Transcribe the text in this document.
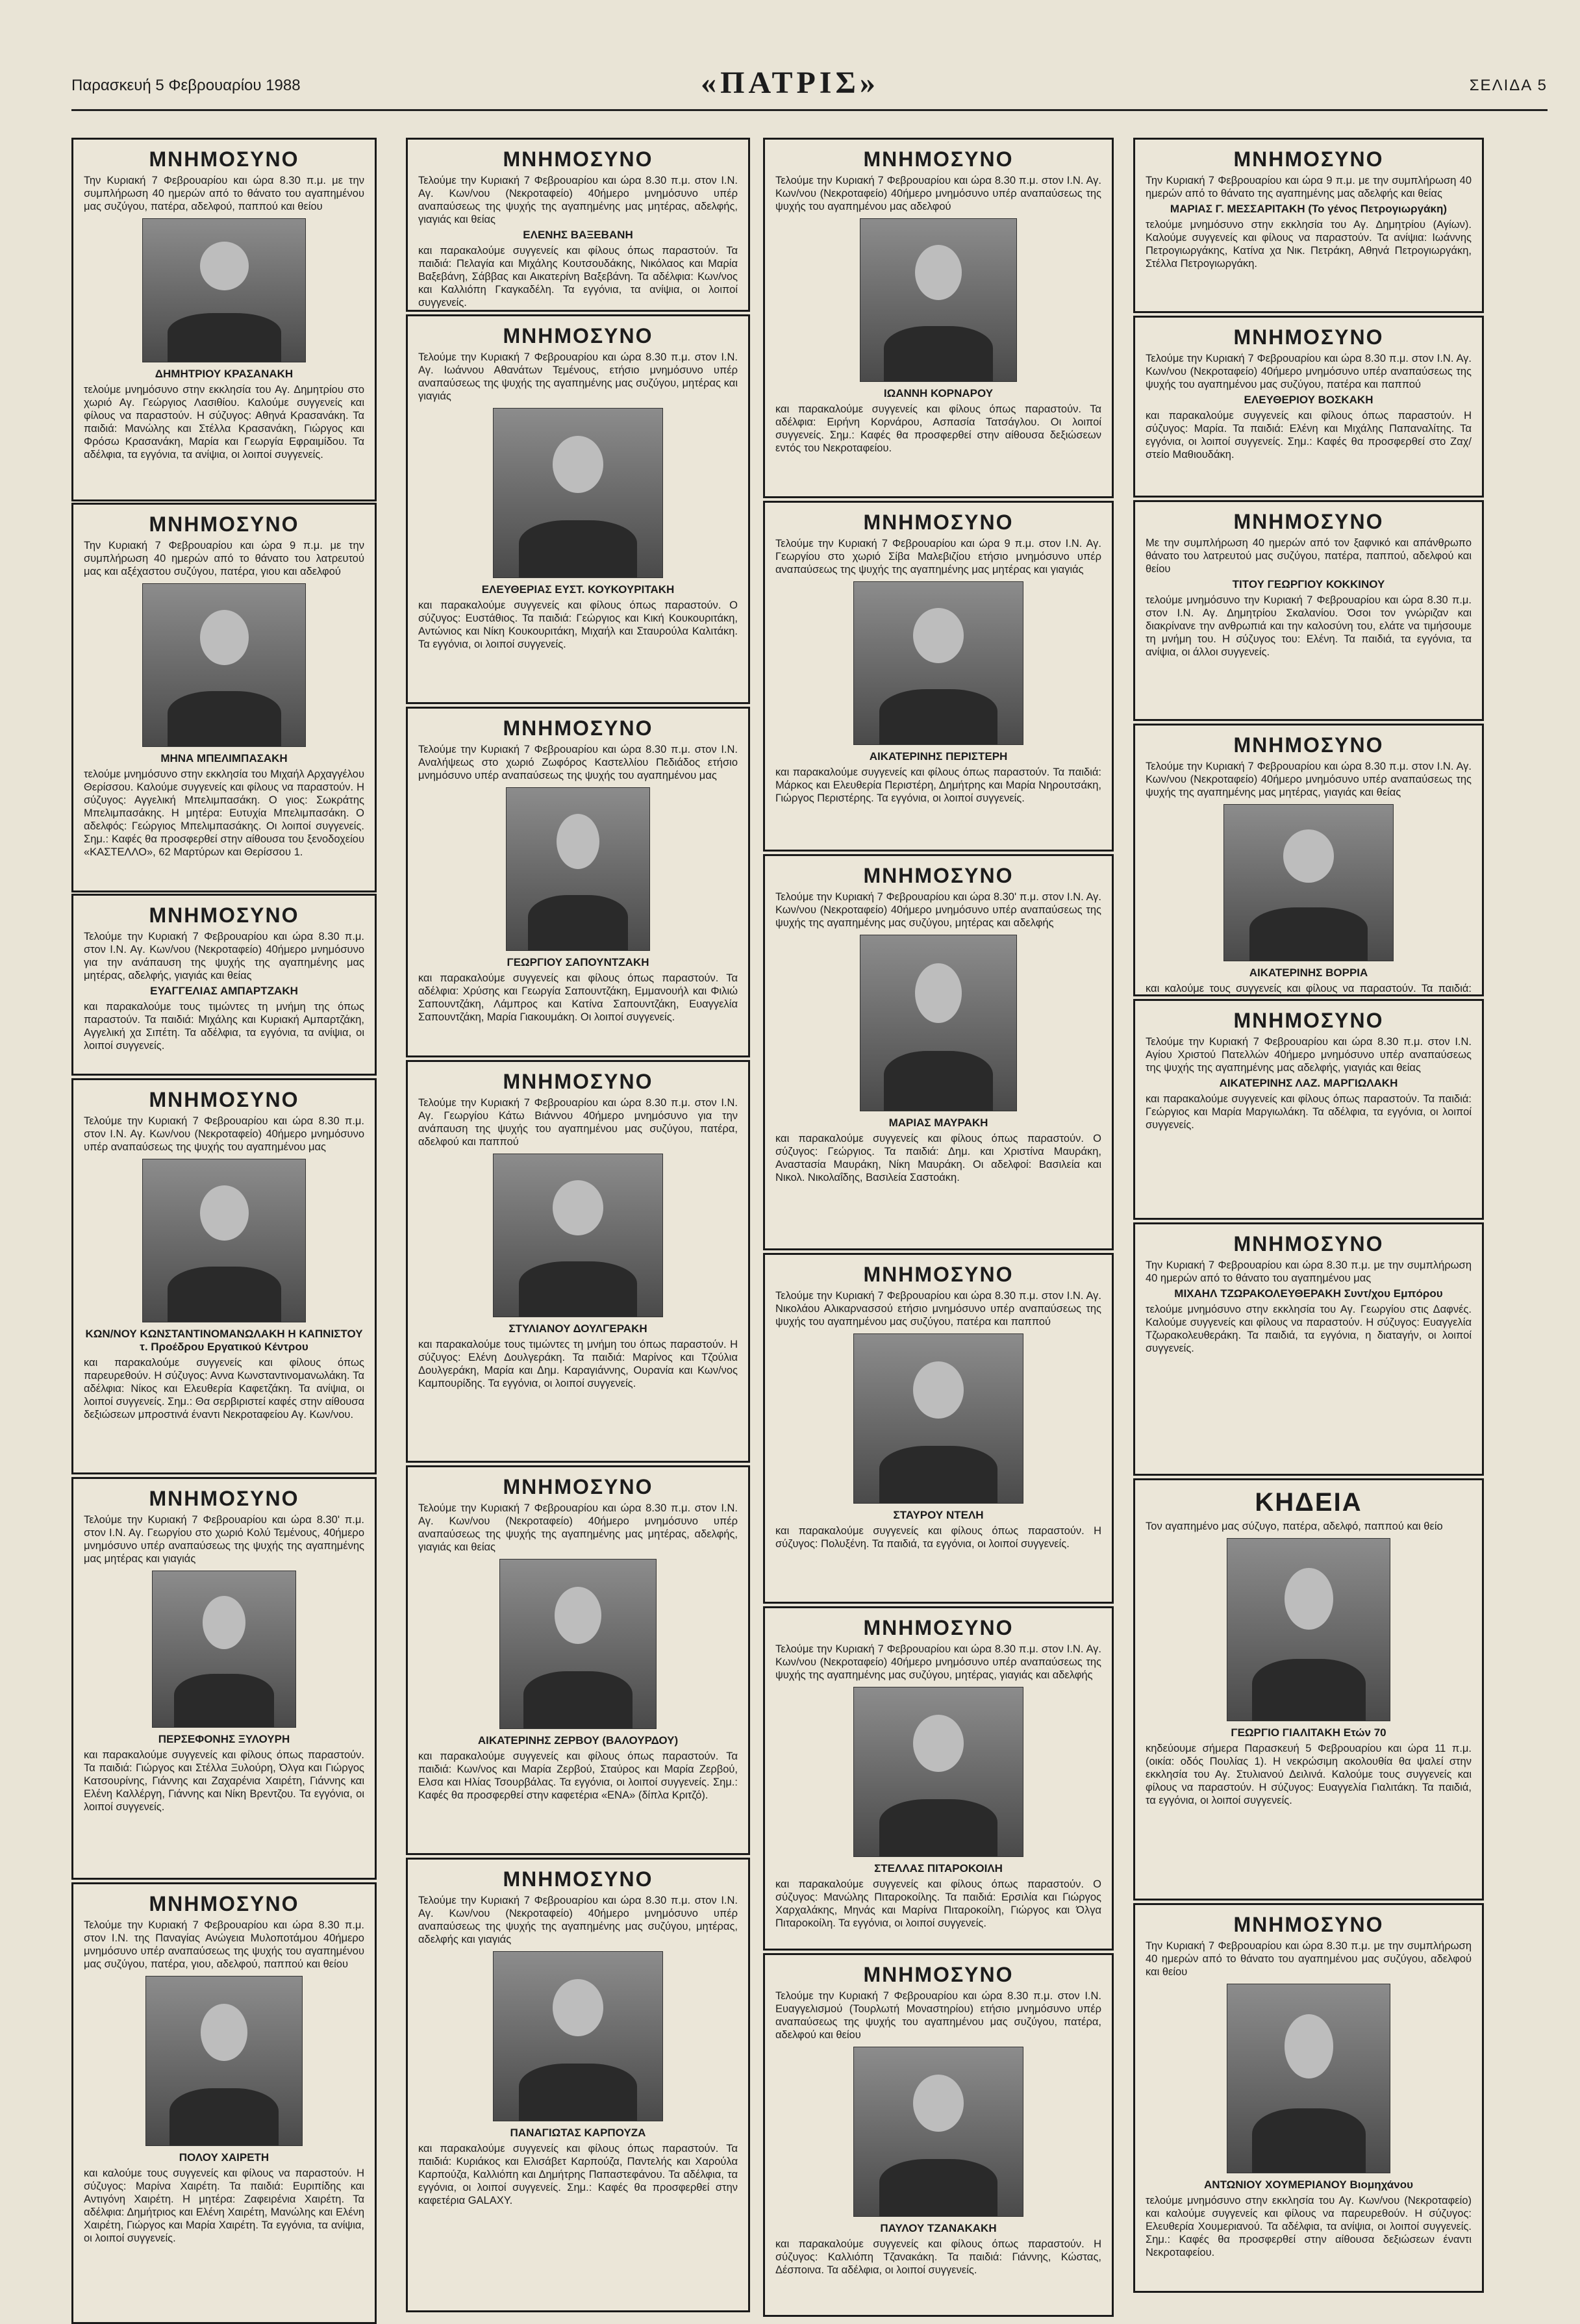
Παρασκευή 5 Φεβρουαρίου 1988	«ΠΑΤΡΙΣ»	ΣΕΛΙΔΑ 5
ΜΝΗΜΟΣΥΝΟ

Την Κυριακή 7 Φεβρουαρίου και ώρα 8.30 π.μ. με την συμπλήρωση 40 ημερών από το θάνατο του αγαπημένου μας συζύγου, πατέρα, αδελφού, παππού και θείου

ΔΗΜΗΤΡΙΟΥ ΚΡΑΣΑΝΑΚΗ

τελούμε μνημόσυνο στην εκκλησία του Αγ. Δημητρίου στο χωριό Αγ. Γεώργιος Λασιθίου. Καλούμε συγγενείς και φίλους να παραστούν. Η σύζυγος: Αθηνά Κρασανάκη. Τα παιδιά: Μανώλης και Στέλλα Κρασανάκη, Γιώργος και Φρόσω Κρασανάκη, Μαρία και Γεωργία Εφραιμίδου. Τα αδέλφια, τα εγγόνια, τα ανίψια, οι λοιποί συγγενείς.

ΜΝΗΜΟΣΥΝΟ

Την Κυριακή 7 Φεβρουαρίου και ώρα 9 π.μ. με την συμπλήρωση 40 ημερών από το θάνατο του λατρευτού μας και αξέχαστου συζύγου, πατέρα, γιου και αδελφού

ΜΗΝΑ ΜΠΕΛΙΜΠΑΣΑΚΗ

τελούμε μνημόσυνο στην εκκλησία του Μιχαήλ Αρχαγγέλου Θερίσσου. Καλούμε συγγενείς και φίλους να παραστούν. Η σύζυγος: Αγγελική Μπελιμπασάκη. Ο γιος: Σωκράτης Μπελιμπασάκης. Η μητέρα: Ευτυχία Μπελιμπασάκη. Ο αδελφός: Γεώργιος Μπελιμπασάκης. Οι λοιποί συγγενείς. Σημ.: Καφές θα προσφερθεί στην αίθουσα του ξενοδοχείου «ΚΑΣΤΕΛΛΟ», 62 Μαρτύρων και Θερίσσου 1.

ΜΝΗΜΟΣΥΝΟ

Τελούμε την Κυριακή 7 Φεβρουαρίου και ώρα 8.30 π.μ. στον Ι.Ν. Αγ. Κων/νου (Νεκροταφείο) 40ήμερο μνημόσυνο για την ανάπαυση της ψυχής της αγαπημένης μας μητέρας, αδελφής, γιαγιάς και θείας

ΕΥΑΓΓΕΛΙΑΣ ΑΜΠΑΡΤΖΑΚΗ

και παρακαλούμε τους τιμώντες τη μνήμη της όπως παραστούν. Τα παιδιά: Μιχάλης και Κυριακή Αμπαρτζάκη, Αγγελική χα Σιπέτη. Τα αδέλφια, τα εγγόνια, τα ανίψια, οι λοιποί συγγενείς.

ΜΝΗΜΟΣΥΝΟ

Τελούμε την Κυριακή 7 Φεβρουαρίου και ώρα 8.30 π.μ. στον Ι.Ν. Αγ. Κων/νου (Νεκροταφείο) 40ήμερο μνημόσυνο υπέρ αναπαύσεως της ψυχής του αγαπημένου μας

ΚΩΝ/ΝΟΥ ΚΩΝΣΤΑΝΤΙΝΟΜΑΝΩΛΑΚΗ Η ΚΑΠΝΙΣΤΟΥ τ. Προέδρου Εργατικού Κέντρου

και παρακαλούμε συγγενείς και φίλους όπως παρευρεθούν. Η σύζυγος: Αννα Κωνσταντινομανωλάκη. Τα αδέλφια: Νίκος και Ελευθερία Καφετζάκη. Τα ανίψια, οι λοιποί συγγενείς. Σημ.: Θα σερβιριστεί καφές στην αίθουσα δεξιώσεων μπροστινά έναντι Νεκροταφείου Αγ. Κων/νου.

ΜΝΗΜΟΣΥΝΟ

Τελούμε την Κυριακή 7 Φεβρουαρίου και ώρα 8.30' π.μ. στον Ι.Ν. Αγ. Γεωργίου στο χωριό Κολύ Τεμένους, 40ήμερο μνημόσυνο υπέρ αναπαύσεως της ψυχής της αγαπημένης μας μητέρας και γιαγιάς

ΠΕΡΣΕΦΟΝΗΣ ΞΥΛΟΥΡΗ

και παρακαλούμε συγγενείς και φίλους όπως παραστούν. Τα παιδιά: Γιώργος και Στέλλα Ξυλούρη, Όλγα και Γιώργος Κατσουρίνης, Γιάννης και Ζαχαρένια Χαιρέτη, Γιάννης και Ελένη Καλλέργη, Γιάννης και Νίκη Βρεντζου. Τα εγγόνια, οι λοιποί συγγενείς.

ΜΝΗΜΟΣΥΝΟ

Τελούμε την Κυριακή 7 Φεβρουαρίου και ώρα 8.30 π.μ. στον Ι.Ν. της Παναγίας Ανώγεια Μυλοποτάμου 40ήμερο μνημόσυνο υπέρ αναπαύσεως της ψυχής του αγαπημένου μας συζύγου, πατέρα, γιου, αδελφού, παππού και θείου

ΠΟΛΟΥ ΧΑΙΡΕΤΗ

και καλούμε τους συγγενείς και φίλους να παραστούν. Η σύζυγος: Μαρίνα Χαιρέτη. Τα παιδιά: Ευριπίδης και Αντιγόνη Χαιρέτη. Η μητέρα: Ζαφειρένια Χαιρέτη. Τα αδέλφια: Δημήτριος και Ελένη Χαιρέτη, Μανώλης και Ελένη Χαιρέτη, Γιώργος και Μαρία Χαιρέτη. Τα εγγόνια, τα ανίψια, οι λοιποί συγγενείς.

ΜΝΗΜΟΣΥΝΟ

Τελούμε την Κυριακή 7 Φεβρουαρίου και ώρα 8.30 π.μ. στον Ι.Ν. Αγ. Κων/νου (Νεκροταφείο) 40ήμερο μνημόσυνο υπέρ αναπαύσεως της ψυχής της αγαπημένης μας μητέρας, αδελφής, γιαγιάς και θείας

ΕΛΕΝΗΣ ΒΑΞΕΒΑΝΗ

και παρακαλούμε συγγενείς και φίλους όπως παραστούν. Τα παιδιά: Πελαγία και Μιχάλης Κουτσουδάκης, Νικόλαος και Μαρία Βαξεβάνη, Σάββας και Αικατερίνη Βαξεβάνη. Τα αδέλφια: Κων/νος και Καλλιόπη Γκαγκαδέλη. Τα εγγόνια, τα ανίψια, οι λοιποί συγγενείς.

ΜΝΗΜΟΣΥΝΟ

Τελούμε την Κυριακή 7 Φεβρουαρίου και ώρα 8.30 π.μ. στον Ι.Ν. Αγ. Ιωάννου Αθανάτων Τεμένους, ετήσιο μνημόσυνο υπέρ αναπαύσεως της ψυχής της αγαπημένης μας συζύγου, μητέρας και γιαγιάς

ΕΛΕΥΘΕΡΙΑΣ ΕΥΣΤ. ΚΟΥΚΟΥΡΙΤΑΚΗ

και παρακαλούμε συγγενείς και φίλους όπως παραστούν. Ο σύζυγος: Ευστάθιος. Τα παιδιά: Γεώργιος και Κική Κουκουριτάκη, Αντώνιος και Νίκη Κουκουριτάκη, Μιχαήλ και Σταυρούλα Καλιτάκη. Τα εγγόνια, οι λοιποί συγγενείς.

ΜΝΗΜΟΣΥΝΟ

Τελούμε την Κυριακή 7 Φεβρουαρίου και ώρα 8.30 π.μ. στον Ι.Ν. Αναλήψεως στο χωριό Ζωφόρος Καστελλίου Πεδιάδος ετήσιο μνημόσυνο υπέρ αναπαύσεως της ψυχής του αγαπημένου μας

ΓΕΩΡΓΙΟΥ ΣΑΠΟΥΝΤΖΑΚΗ

και παρακαλούμε συγγενείς και φίλους όπως παραστούν. Τα αδέλφια: Χρύσης και Γεωργία Σαπουντζάκη, Εμμανουήλ και Φιλιώ Σαπουντζάκη, Λάμπρος και Κατίνα Σαπουντζάκη, Ευαγγελία Σαπουντζάκη, Μαρία Γιακουμάκη. Οι λοιποί συγγενείς.

ΜΝΗΜΟΣΥΝΟ

Τελούμε την Κυριακή 7 Φεβρουαρίου και ώρα 8.30 π.μ. στον Ι.Ν. Αγ. Γεωργίου Κάτω Βιάννου 40ήμερο μνημόσυνο για την ανάπαυση της ψυχής του αγαπημένου μας συζύγου, πατέρα, αδελφού και παππού

ΣΤΥΛΙΑΝΟΥ ΔΟΥΛΓΕΡΑΚΗ

και παρακαλούμε τους τιμώντες τη μνήμη του όπως παραστούν. Η σύζυγος: Ελένη Δουλγεράκη. Τα παιδιά: Μαρίνος και Τζούλια Δουλγεράκη, Μαρία και Δημ. Καραγιάννης, Ουρανία και Κων/νος Καμπουρίδης. Τα εγγόνια, οι λοιποί συγγενείς.

ΜΝΗΜΟΣΥΝΟ

Τελούμε την Κυριακή 7 Φεβρουαρίου και ώρα 8.30 π.μ. στον Ι.Ν. Αγ. Κων/νου (Νεκροταφείο) 40ήμερο μνημόσυνο υπέρ αναπαύσεως της ψυχής της αγαπημένης μας μητέρας, αδελφής, γιαγιάς και θείας

ΑΙΚΑΤΕΡΙΝΗΣ ΖΕΡΒΟΥ (ΒΑΛΟΥΡΔΟΥ)

και παρακαλούμε συγγενείς και φίλους όπως παραστούν. Τα παιδιά: Κων/νος και Μαρία Ζερβού, Σταύρος και Μαρία Ζερβού, Ελσα και Ηλίας Τσουρβάλας. Τα εγγόνια, οι λοιποί συγγενείς. Σημ.: Καφές θα προσφερθεί στην καφετέρια «ΕΝΑ» (δίπλα Κριτζό).

ΜΝΗΜΟΣΥΝΟ

Τελούμε την Κυριακή 7 Φεβρουαρίου και ώρα 8.30 π.μ. στον Ι.Ν. Αγ. Κων/νου (Νεκροταφείο) 40ήμερο μνημόσυνο υπέρ αναπαύσεως της ψυχής της αγαπημένης μας συζύγου, μητέρας, αδελφής και γιαγιάς

ΠΑΝΑΓΙΩΤΑΣ ΚΑΡΠΟΥΖΑ

και παρακαλούμε συγγενείς και φίλους όπως παραστούν. Τα παιδιά: Κυριάκος και Ελισάβετ Καρπούζα, Παντελής και Χαρούλα Καρπούζα, Καλλιόπη και Δημήτρης Παπαστεφάνου. Τα αδέλφια, τα εγγόνια, οι λοιποί συγγενείς. Σημ.: Καφές θα προσφερθεί στην καφετέρια GALAXY.

ΜΝΗΜΟΣΥΝΟ

Τελούμε την Κυριακή 7 Φεβρουαρίου και ώρα 8.30 π.μ. στον Ι.Ν. Αγ. Κων/νου (Νεκροταφείο) 40ήμερο μνημόσυνο υπέρ αναπαύσεως της ψυχής του αγαπημένου μας αδελφού

ΙΩΑΝΝΗ ΚΟΡΝΑΡΟΥ

και παρακαλούμε συγγενείς και φίλους όπως παραστούν. Τα αδέλφια: Ειρήνη Κορνάρου, Ασπασία Τατσάγλου. Οι λοιποί συγγενείς. Σημ.: Καφές θα προσφερθεί στην αίθουσα δεξιώσεων εντός του Νεκροταφείου.

ΜΝΗΜΟΣΥΝΟ

Τελούμε την Κυριακή 7 Φεβρουαρίου και ώρα 9 π.μ. στον Ι.Ν. Αγ. Γεωργίου στο χωριό Σίβα Μαλεβιζίου ετήσιο μνημόσυνο υπέρ αναπαύσεως της ψυχής της αγαπημένης μας μητέρας και γιαγιάς

ΑΙΚΑΤΕΡΙΝΗΣ ΠΕΡΙΣΤΕΡΗ

και παρακαλούμε συγγενείς και φίλους όπως παραστούν. Τα παιδιά: Μάρκος και Ελευθερία Περιστέρη, Δημήτρης και Μαρία Νηρουτσάκη, Γιώργος Περιστέρης. Τα εγγόνια, οι λοιποί συγγενείς.

ΜΝΗΜΟΣΥΝΟ

Τελούμε την Κυριακή 7 Φεβρουαρίου και ώρα 8.30' π.μ. στον Ι.Ν. Αγ. Κων/νου (Νεκροταφείο) 40ήμερο μνημόσυνο υπέρ αναπαύσεως της ψυχής της αγαπημένης μας συζύγου, μητέρας και αδελφής

ΜΑΡΙΑΣ ΜΑΥΡΑΚΗ

και παρακαλούμε συγγενείς και φίλους όπως παραστούν. Ο σύζυγος: Γεώργιος. Τα παιδιά: Δημ. και Χριστίνα Μαυράκη, Αναστασία Μαυράκη, Νίκη Μαυράκη. Οι αδελφοί: Βασιλεία και Νικολ. Νικολαΐδης, Βασιλεία Σαστοάκη.

ΜΝΗΜΟΣΥΝΟ

Τελούμε την Κυριακή 7 Φεβρουαρίου και ώρα 8.30 π.μ. στον Ι.Ν. Αγ. Νικολάου Αλικαρνασσού ετήσιο μνημόσυνο υπέρ αναπαύσεως της ψυχής του αγαπημένου μας συζύγου, πατέρα και παππού

ΣΤΑΥΡΟΥ ΝΤΕΛΗ

και παρακαλούμε συγγενείς και φίλους όπως παραστούν. Η σύζυγος: Πολυξένη. Τα παιδιά, τα εγγόνια, οι λοιποί συγγενείς.

ΜΝΗΜΟΣΥΝΟ

Τελούμε την Κυριακή 7 Φεβρουαρίου και ώρα 8.30 π.μ. στον Ι.Ν. Αγ. Κων/νου (Νεκροταφείο) 40ήμερο μνημόσυνο υπέρ αναπαύσεως της ψυχής της αγαπημένης μας συζύγου, μητέρας, γιαγιάς και αδελφής

ΣΤΕΛΛΑΣ ΠΙΤΑΡΟΚΟΙΛΗ

και παρακαλούμε συγγενείς και φίλους όπως παραστούν. Ο σύζυγος: Μανώλης Πιταροκοίλης. Τα παιδιά: Ερσιλία και Γιώργος Χαρχαλάκης, Μηνάς και Μαρίνα Πιταροκοίλη, Γιώργος και Όλγα Πιταροκοίλη. Τα εγγόνια, οι λοιποί συγγενείς.

ΜΝΗΜΟΣΥΝΟ

Τελούμε την Κυριακή 7 Φεβρουαρίου και ώρα 8.30 π.μ. στον Ι.Ν. Ευαγγελισμού (Τουρλωτή Μοναστηρίου) ετήσιο μνημόσυνο υπέρ αναπαύσεως της ψυχής του αγαπημένου μας συζύγου, πατέρα, αδελφού και θείου

ΠΑΥΛΟΥ ΤΖΑΝΑΚΑΚΗ

και παρακαλούμε συγγενείς και φίλους όπως παραστούν. Η σύζυγος: Καλλιόπη Τζανακάκη. Τα παιδιά: Γιάννης, Κώστας, Δέσποινα. Τα αδέλφια, οι λοιποί συγγενείς.

ΜΝΗΜΟΣΥΝΟ

Την Κυριακή 7 Φεβρουαρίου και ώρα 9 π.μ. με την συμπλήρωση 40 ημερών από το θάνατο της αγαπημένης μας αδελφής και θείας

ΜΑΡΙΑΣ Γ. ΜΕΣΣΑΡΙΤΑΚΗ (Το γένος Πετρογιωργάκη)

τελούμε μνημόσυνο στην εκκλησία του Αγ. Δημητρίου (Αγίων). Καλούμε συγγενείς και φίλους να παραστούν. Τα ανίψια: Ιωάννης Πετρογιωργάκης, Κατίνα χα Νικ. Πετράκη, Αθηνά Πετρογιωργάκη, Στέλλα Πετρογιωργάκη.

ΜΝΗΜΟΣΥΝΟ

Τελούμε την Κυριακή 7 Φεβρουαρίου και ώρα 8.30 π.μ. στον Ι.Ν. Αγ. Κων/νου (Νεκροταφείο) 40ήμερο μνημόσυνο υπέρ αναπαύσεως της ψυχής του αγαπημένου μας συζύγου, πατέρα και παππού

ΕΛΕΥΘΕΡΙΟΥ ΒΟΣΚΑΚΗ

και παρακαλούμε συγγενείς και φίλους όπως παραστούν. Η σύζυγος: Μαρία. Τα παιδιά: Ελένη και Μιχάλης Παπαναλίτης. Τα εγγόνια, οι λοιποί συγγενείς. Σημ.: Καφές θα προσφερθεί στο Ζαχ/στείο Μαθιουδάκη.

ΜΝΗΜΟΣΥΝΟ

Με την συμπλήρωση 40 ημερών από τον ξαφνικό και απάνθρωπο θάνατο του λατρευτού μας συζύγου, πατέρα, παππού, αδελφού και θείου

ΤΙΤΟΥ ΓΕΩΡΓΙΟΥ ΚΟΚΚΙΝΟΥ

τελούμε μνημόσυνο την Κυριακή 7 Φεβρουαρίου και ώρα 8.30 π.μ. στον Ι.Ν. Αγ. Δημητρίου Σκαλανίου. Όσοι τον γνώριζαν και διακρίνανε την ανθρωπιά και την καλοσύνη του, ελάτε να τιμήσουμε τη μνήμη του. Η σύζυγος του: Ελένη. Τα παιδιά, τα εγγόνια, τα ανίψια, οι άλλοι συγγενείς.

ΜΝΗΜΟΣΥΝΟ

Τελούμε την Κυριακή 7 Φεβρουαρίου και ώρα 8.30 π.μ. στον Ι.Ν. Αγ. Κων/νου (Νεκροταφείο) 40ήμερο μνημόσυνο υπέρ αναπαύσεως της ψυχής της αγαπημένης μας μητέρας, γιαγιάς και θείας

ΑΙΚΑΤΕΡΙΝΗΣ ΒΟΡΡΙΑ

και καλούμε τους συγγενείς και φίλους να παραστούν. Τα παιδιά:

ΜΝΗΜΟΣΥΝΟ

Τελούμε την Κυριακή 7 Φεβρουαρίου και ώρα 8.30 π.μ. στον Ι.Ν. Αγίου Χριστού Πατελλών 40ήμερο μνημόσυνο υπέρ αναπαύσεως της ψυχής της αγαπημένης μας αδελφής, γιαγιάς και θείας

ΑΙΚΑΤΕΡΙΝΗΣ ΛΑΖ. ΜΑΡΓΙΩΛΑΚΗ

και παρακαλούμε συγγενείς και φίλους όπως παραστούν. Τα παιδιά: Γεώργιος και Μαρία Μαργιωλάκη. Τα αδέλφια, τα εγγόνια, οι λοιποί συγγενείς.

ΜΝΗΜΟΣΥΝΟ

Την Κυριακή 7 Φεβρουαρίου και ώρα 8.30 π.μ. με την συμπλήρωση 40 ημερών από το θάνατο του αγαπημένου μας

ΜΙΧΑΗΛ ΤΖΩΡΑΚΟΛΕΥΘΕΡΑΚΗ Συντ/χου Εμπόρου

τελούμε μνημόσυνο στην εκκλησία του Αγ. Γεωργίου στις Δαφνές. Καλούμε συγγενείς και φίλους να παραστούν. Η σύζυγος: Ευαγγελία Τζωρακολευθεράκη. Τα παιδιά, τα εγγόνια, η διαταγήν, οι λοιποί συγγενείς.

ΚΗΔΕΙΑ

Τον αγαπημένο μας σύζυγο, πατέρα, αδελφό, παππού και θείο

ΓΕΩΡΓΙΟ ΓΙΑΛΙΤΑΚΗ Ετών 70

κηδεύουμε σήμερα Παρασκευή 5 Φεβρουαρίου και ώρα 11 π.μ. (οικία: οδός Πουλίας 1). Η νεκρώσιμη ακολουθία θα ψαλεί στην εκκλησία του Αγ. Στυλιανού Δειλινά. Καλούμε τους συγγενείς και φίλους να παραστούν. Η σύζυγος: Ευαγγελία Γιαλιτάκη. Τα παιδιά, τα εγγόνια, οι λοιποί συγγενείς.

ΜΝΗΜΟΣΥΝΟ

Την Κυριακή 7 Φεβρουαρίου και ώρα 8.30 π.μ. με την συμπλήρωση 40 ημερών από το θάνατο του αγαπημένου μας συζύγου, αδελφού και θείου

ΑΝΤΩΝΙΟΥ ΧΟΥΜΕΡΙΑΝΟΥ Βιομηχάνου

τελούμε μνημόσυνο στην εκκλησία του Αγ. Κων/νου (Νεκροταφείο) και καλούμε συγγενείς και φίλους να παρευρεθούν. Η σύζυγος: Ελευθερία Χουμεριανού. Τα αδέλφια, τα ανίψια, οι λοιποί συγγενείς. Σημ.: Καφές θα προσφερθεί στην αίθουσα δεξιώσεων έναντι Νεκροταφείου.
